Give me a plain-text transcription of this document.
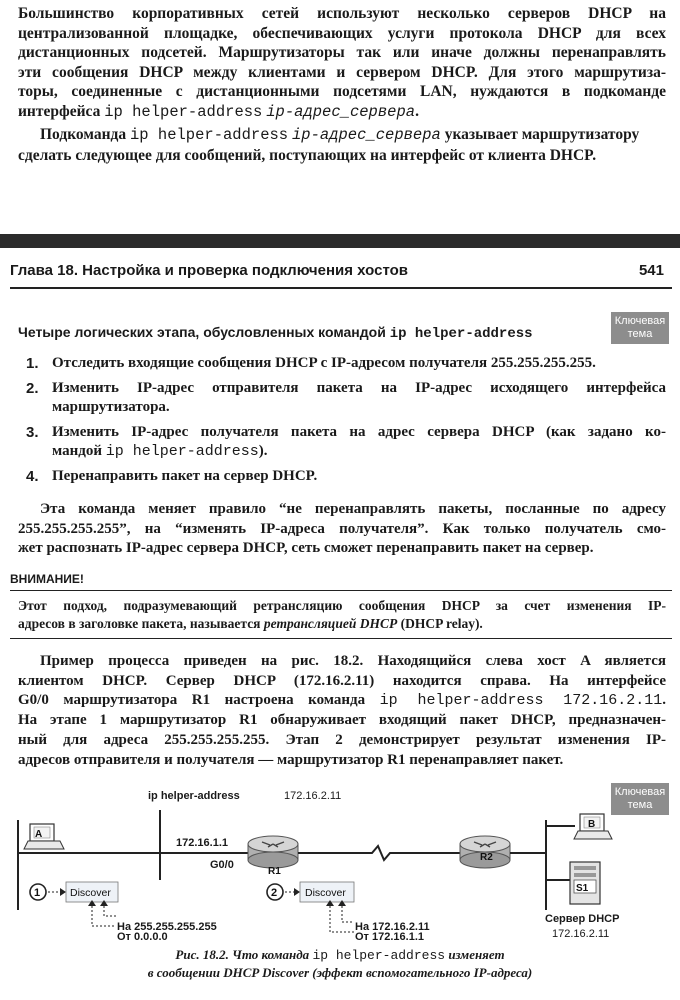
Большинство корпоративных сетей используют несколько серверов DHCP на
централизованной площадке, обеспечивающих услуги протокола DHCP для всех
дистанционных подсетей. Маршрутизаторы так или иначе должны перенаправлять
эти сообщения DHCP между клиентами и сервером DHCP. Для этого маршрутиза-
торы, соединенные с дистанционными подсетями LAN, нуждаются в подкоманде
интерфейса ip helper-address ip-адрес_сервера.
Подкоманда ip helper-address ip-адрес_сервера указывает маршрутизатору
сделать следующее для сообщений, поступающих на интерфейс от клиента DHCP.
Глава 18. Настройка и проверка подключения хостов	541
Ключевая тема
Четыре логических этапа, обусловленных командой ip helper-address
1. Отследить входящие сообщения DHCP с IP-адресом получателя 255.255.255.255.
2. Изменить IP-адрес отправителя пакета на IP-адрес исходящего интерфейса
маршрутизатора.
3. Изменить IP-адрес получателя пакета на адрес сервера DHCP (как задано ко-
мандой ip helper-address).
4. Перенаправить пакет на сервер DHCP.
Эта команда меняет правило “не перенаправлять пакеты, посланные по адресу
255.255.255.255”, на “изменять IP-адреса получателя”. Как только получатель смо-
жет распознать IP-адрес сервера DHCP, сеть сможет перенаправить пакет на сервер.
ВНИМАНИЕ!
Этот подход, подразумевающий ретрансляцию сообщения DHCP за счет изменения IP-
адресов в заголовке пакета, называется ретрансляцией DHCP (DHCP relay).
Пример процесса приведен на рис. 18.2. Находящийся слева хост A является
клиентом DHCP. Сервер DHCP (172.16.2.11) находится справа. На интерфейсе
G0/0 маршрутизатора R1 настроена команда ip helper-address 172.16.2.11.
На этапе 1 маршрутизатор R1 обнаруживает входящий пакет DHCP, предназначен-
ный для адреса 255.255.255.255. Этап 2 демонстрирует результат изменения IP-
адресов отправителя и получателя — маршрутизатор R1 перенаправляет пакет.
Ключевая тема
ip helper-address	172.16.2.11
A
R1
172.16.1.1
G0/0
R2
B
S1
Сервер DHCP
172.16.2.11
1	Discover
На 255.255.255.255
От 0.0.0.0
2	Discover
На 172.16.2.11
От 172.16.1.1
Рис. 18.2. Что команда ip helper-address изменяет
в сообщении DHCP Discover (эффект вспомогательного IP-адреса)
